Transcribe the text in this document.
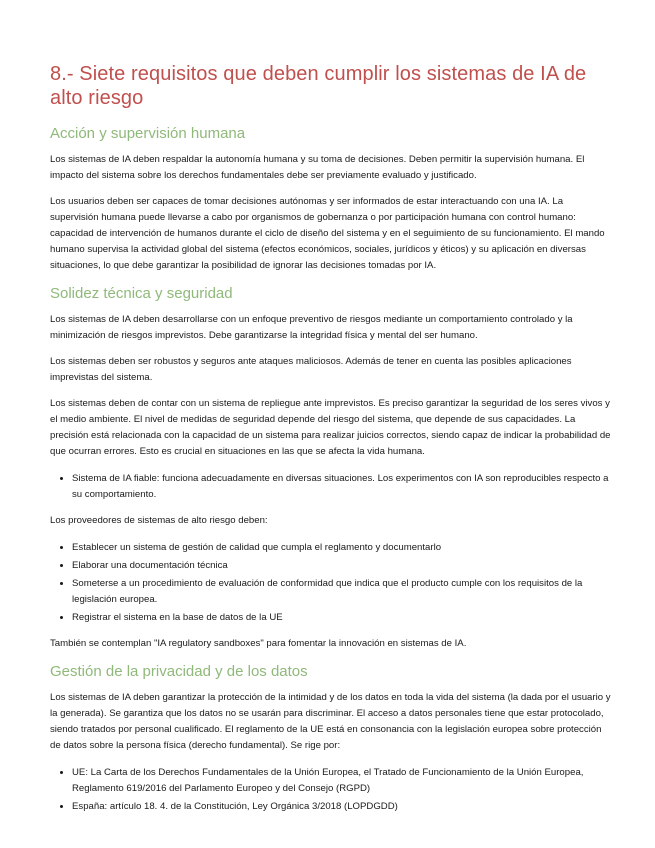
8.- Siete requisitos que deben cumplir los sistemas de IA de alto riesgo
Acción y supervisión humana

Los sistemas de IA deben respaldar la autonomía humana y su toma de decisiones. Deben permitir la supervisión humana. El impacto del sistema sobre los derechos fundamentales debe ser previamente evaluado y justificado.

Los usuarios deben ser capaces de tomar decisiones autónomas y ser informados de estar interactuando con una IA. La supervisión humana puede llevarse a cabo por organismos de gobernanza o por participación humana con control humano: capacidad de intervención de humanos durante el ciclo de diseño del sistema y en el seguimiento de su funcionamiento. El mando humano supervisa la actividad global del sistema (efectos económicos, sociales, jurídicos y éticos) y su aplicación en diversas situaciones, lo que debe garantizar la posibilidad de ignorar las decisiones tomadas por IA.

Solidez técnica y seguridad

Los sistemas de IA deben desarrollarse con un enfoque preventivo de riesgos mediante un comportamiento controlado y la minimización de riesgos imprevistos. Debe garantizarse la integridad física y mental del ser humano.

Los sistemas deben ser robustos y seguros ante ataques maliciosos. Además de tener en cuenta las posibles aplicaciones imprevistas del sistema.

Los sistemas deben de contar con un sistema de repliegue ante imprevistos. Es preciso garantizar la seguridad de los seres vivos y el medio ambiente. El nivel de medidas de seguridad depende del riesgo del sistema, que depende de sus capacidades. La precisión está relacionada con la capacidad de un sistema para realizar juicios correctos, siendo capaz de indicar la probabilidad de que ocurran errores. Esto es crucial en situaciones en las que se afecta la vida humana.

• Sistema de IA fiable: funciona adecuadamente en diversas situaciones. Los experimentos con IA son reproducibles respecto a su comportamiento.

Los proveedores de sistemas de alto riesgo deben:

• Establecer un sistema de gestión de calidad que cumpla el reglamento y documentarlo
• Elaborar una documentación técnica
• Someterse a un procedimiento de evaluación de conformidad que indica que el producto cumple con los requisitos de la legislación europea.
• Registrar el sistema en la base de datos de la UE

También se contemplan "IA regulatory sandboxes" para fomentar la innovación en sistemas de IA.

Gestión de la privacidad y de los datos

Los sistemas de IA deben garantizar la protección de la intimidad y de los datos en toda la vida del sistema (la dada por el usuario y la generada). Se garantiza que los datos no se usarán para discriminar. El acceso a datos personales tiene que estar protocolado, siendo tratados por personal cualificado. El reglamento de la UE está en consonancia con la legislación europea sobre protección de datos sobre la persona física (derecho fundamental). Se rige por:

• UE: La Carta de los Derechos Fundamentales de la Unión Europea, el Tratado de Funcionamiento de la Unión Europea, Reglamento 619/2016 del Parlamento Europeo y del Consejo (RGPD)
• España: artículo 18. 4. de la Constitución, Ley Orgánica 3/2018 (LOPDGDD)
